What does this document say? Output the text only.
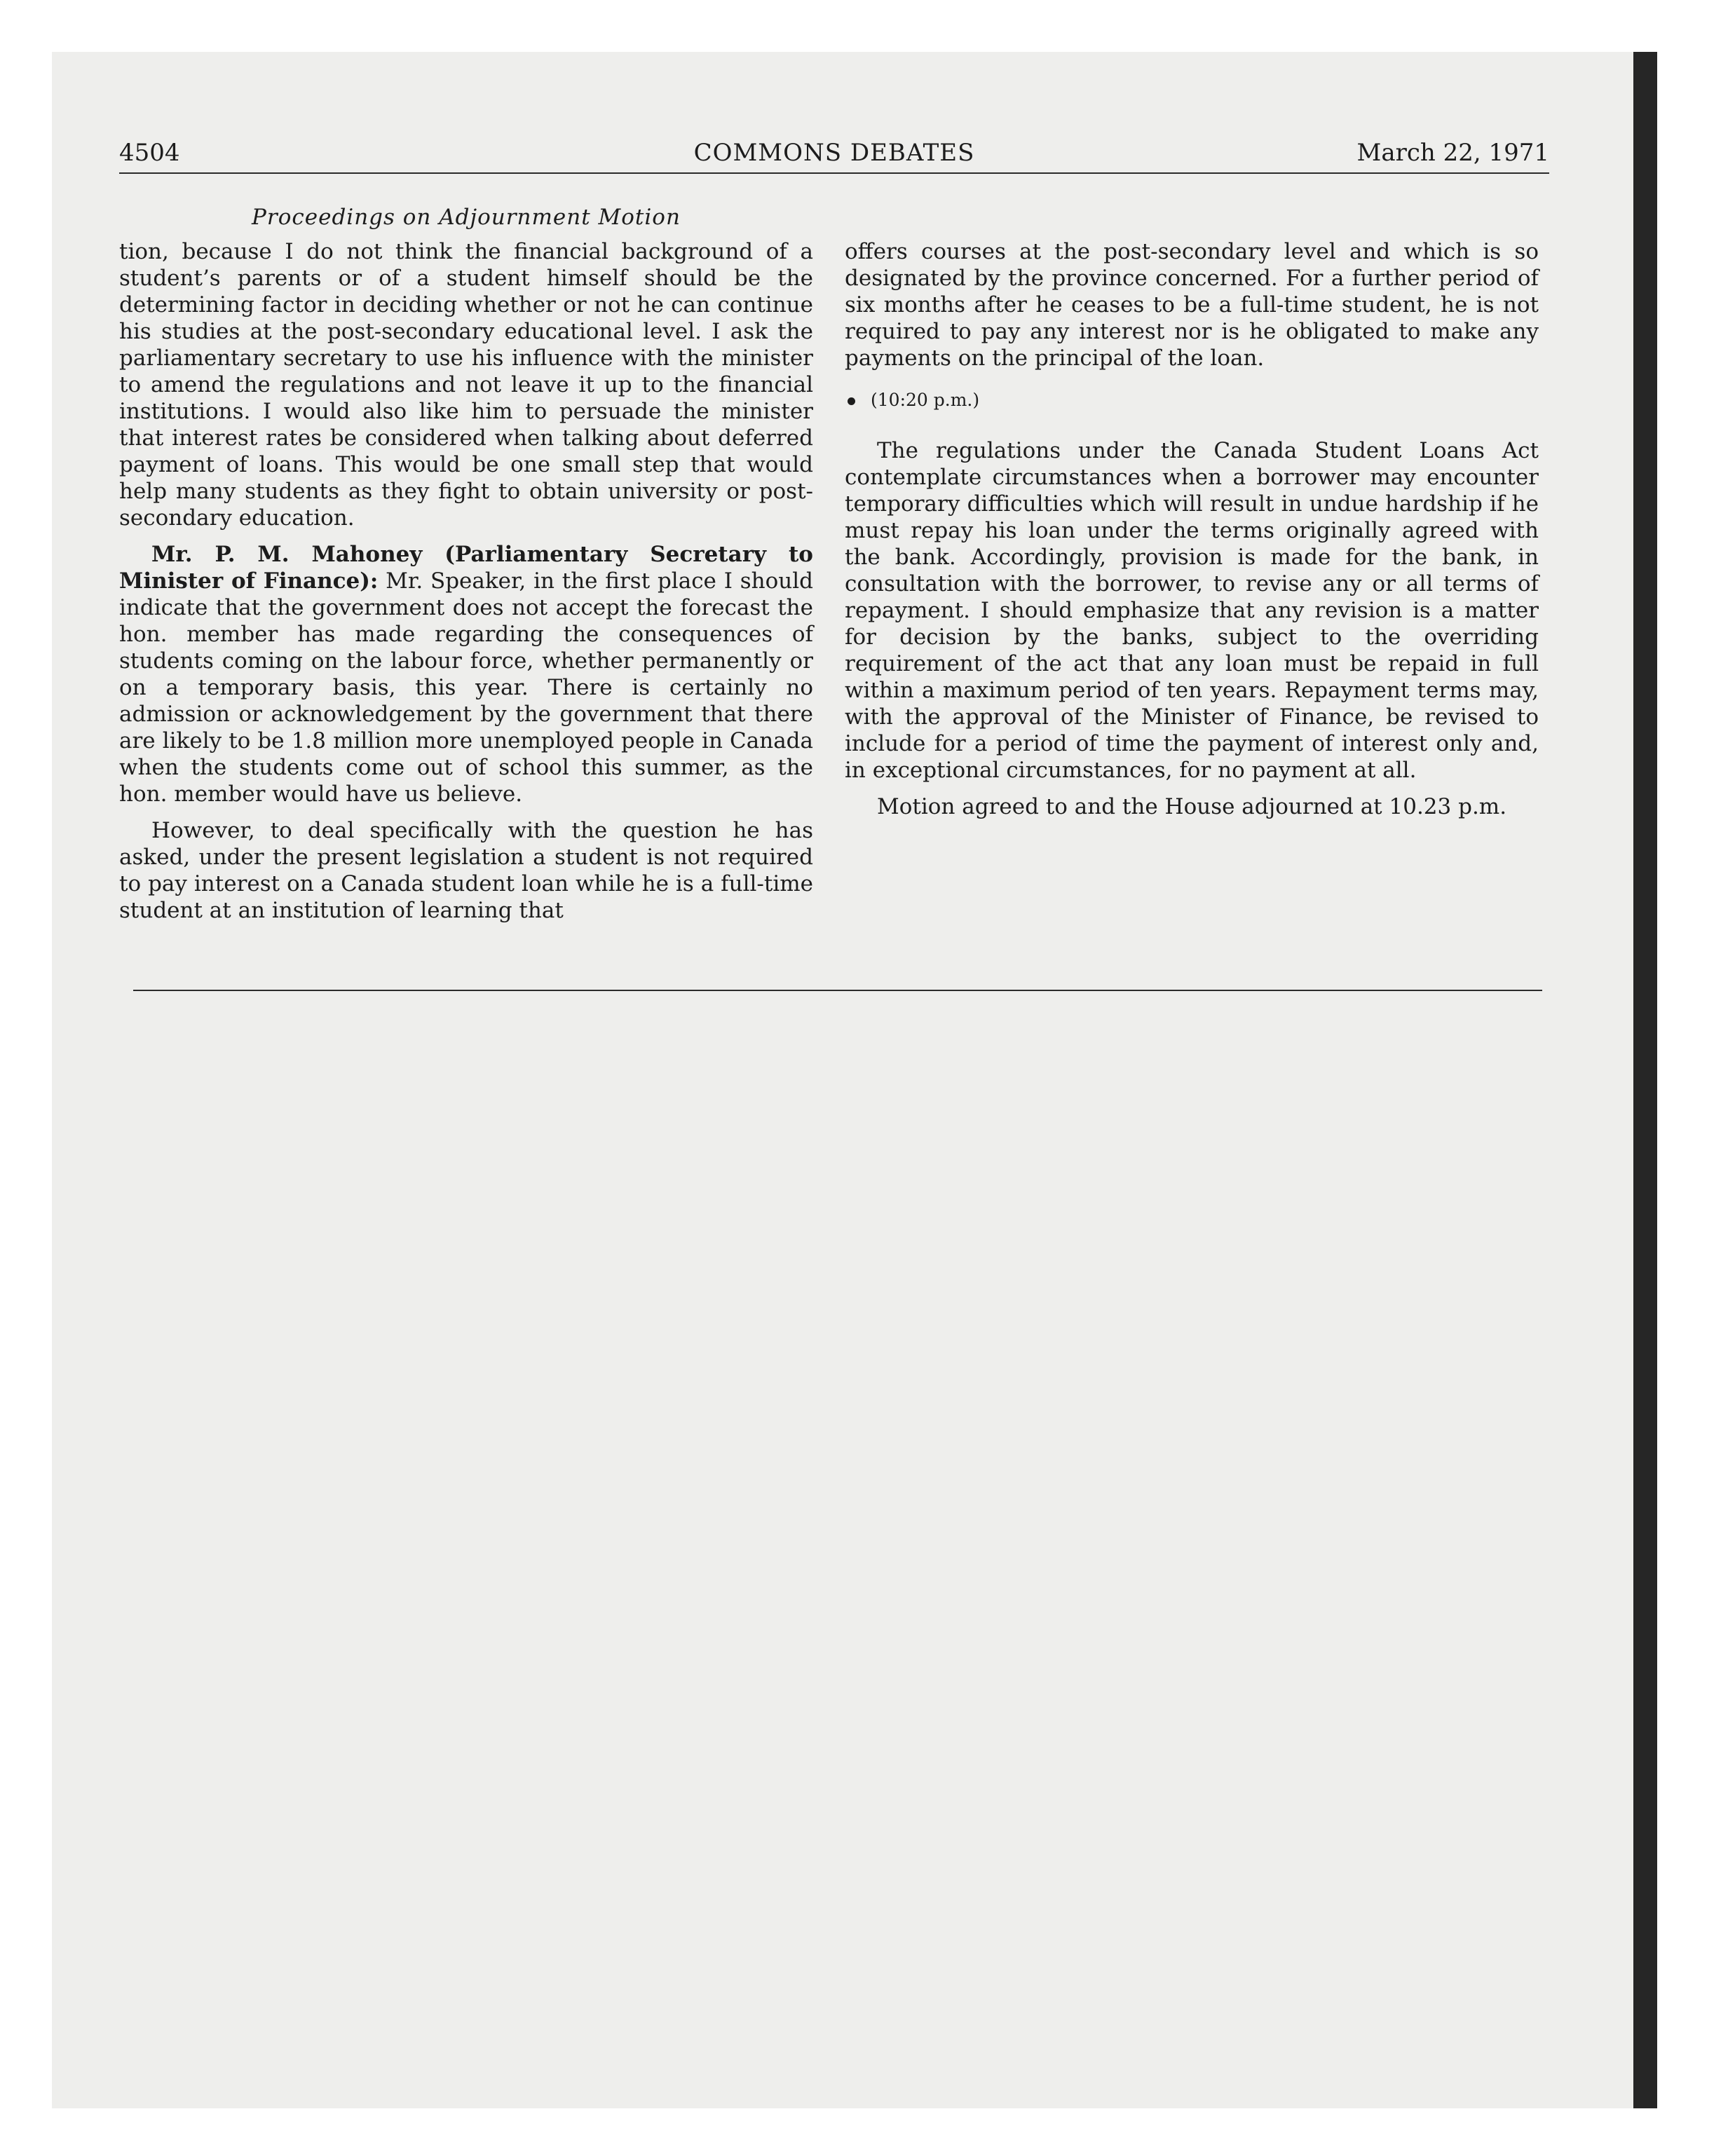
4504	COMMONS DEBATES	March 22, 1971
Proceedings on Adjournment Motion

tion, because I do not think the financial background of a student’s parents or of a student himself should be the determining factor in deciding whether or not he can continue his studies at the post-secondary educational level. I ask the parliamentary secretary to use his influence with the minister to amend the regulations and not leave it up to the financial institutions. I would also like him to persuade the minister that interest rates be considered when talking about deferred payment of loans. This would be one small step that would help many students as they fight to obtain university or post-secondary education.

Mr. P. M. Mahoney (Parliamentary Secretary to Minister of Finance): Mr. Speaker, in the first place I should indicate that the government does not accept the forecast the hon. member has made regarding the consequences of students coming on the labour force, whether permanently or on a temporary basis, this year. There is certainly no admission or acknowledgement by the government that there are likely to be 1.8 million more unemployed people in Canada when the students come out of school this summer, as the hon. member would have us believe.

However, to deal specifically with the question he has asked, under the present legislation a student is not required to pay interest on a Canada student loan while he is a full-time student at an institution of learning that

offers courses at the post-secondary level and which is so designated by the province concerned. For a further period of six months after he ceases to be a full-time student, he is not required to pay any interest nor is he obligated to make any payments on the principal of the loan.

(10:20 p.m.)

The regulations under the Canada Student Loans Act contemplate circumstances when a borrower may encounter temporary difficulties which will result in undue hardship if he must repay his loan under the terms originally agreed with the bank. Accordingly, provision is made for the bank, in consultation with the borrower, to revise any or all terms of repayment. I should emphasize that any revision is a matter for decision by the banks, subject to the overriding requirement of the act that any loan must be repaid in full within a maximum period of ten years. Repayment terms may, with the approval of the Minister of Finance, be revised to include for a period of time the payment of interest only and, in exceptional circumstances, for no payment at all.

Motion agreed to and the House adjourned at 10.23 p.m.
